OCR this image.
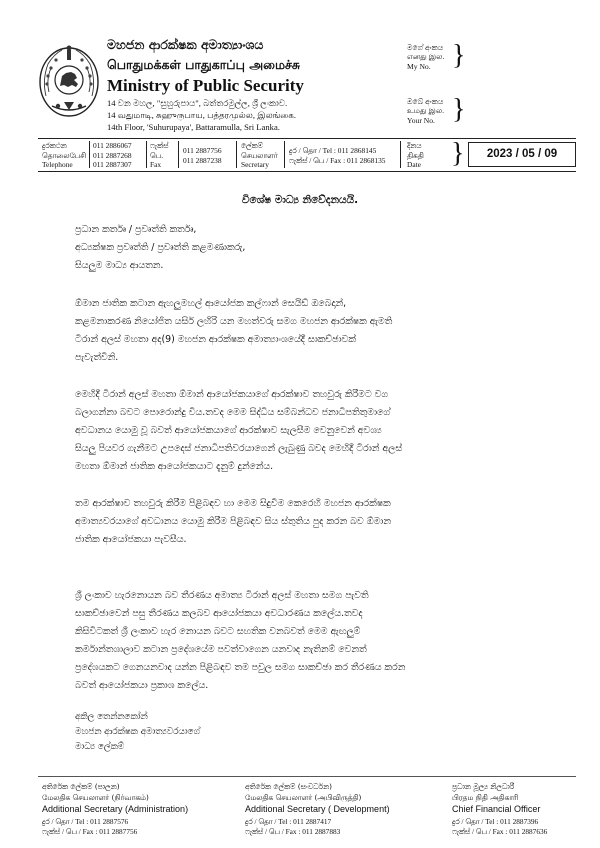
මහජන ආරක්ෂක අමාත්‍යාංශය
பொதுமக்கள் பாதுகாப்பு அமைச்சு
Ministry of Public Security
14 වන මහල, "සුහුරුපාය", බත්තරමුල්ල, ශ්‍රී ලංකාව.
14 வதுமாடி, சுஹுருபாய, பத்தரமுல்ல, இலங்கை.
14th Floor, 'Suhurupaya', Battaramulla, Sri Lanka.
මගේ අංකය
எனது இல.
My No. }
ඔබේ අංකය
உமது இல.
Your No. }
දුරකථන
தொலைபேசி
Telephone
011 2886067
011 2887268
011 2887307
ෆැක්ස්
பெ.
Fax
011 2887756
011 2887238
ලේකම්
செயலாளர்
Secretary
දුර / தொ / Tel : 011 2868145
ෆැක්ස් / பெ / Fax : 011 2868135
දිනය
திகதி
Date }	2023 / 05 / 09
විශේෂ මාධ්‍ය නිවේදනයයි.
ප්‍රධාන කර්තෘ / ප්‍රවෘත්ති කර්තෘ,
අධ්‍යක්ෂක ප්‍රවෘත්ති / ප්‍රවෘත්ති කළමණාකරු,
සියලුම මාධ්‍ය ආයතන.
ඕමාන ජාතික කටාන ඇහලුමහල් ආයෝජක කල්ෆාන් සෙයිඩ් ඔබෙදාන්,
කළමනාකරණ නියෝජිත යසිර් ලහිරි යන මහත්වරු සමග මහජන ආරක්ෂක ඇමති
ටිරාන් අලස් මහතා අද(9) මහජන ආරක්ෂක අමාත්‍යාංශයේදී සාකච්ඡාවක්
පැවැත්විනි.
මෙහිදී ටිරාන් අලස් මහතා ඕමාන් ආයෝජකයාගේ ආරක්ෂාව තහවුරු කිරීමට වග
බලාගන්නා බවට පොරොන්දු විය.තවද මෙම සිද්ධිය සම්බන්ධව ජනාධිපතිතුමාගේ
අවධානය යොමු වූ බවත් ආයෝජකයාගේ ආරක්ෂාව සැලසීම වෙනුවෙන් අවශ්‍ය
සියලු පියවර ගැනීමට උපදෙස් ජනාධිපතිවරයාගෙන් ලැබුණු බවද මෙහිදී ටිරාන් අලස්
මහතා ඕමාන් ජාතික ආයෝජකයාට දැනුම් දුන්නේය.
තම ආරක්ෂාව තහවුරු කිරීම පිළිබඳව හා මෙම සිදුවීම කෙරෙහි මහජන ආරක්ෂක
අමාත්‍යවරයාගේ අවධානය යොමු කිරීම පිළිබඳව සිය ස්තුතිය පුද කරන බව ඕමාන
ජාතික ආයෝජකයා පැවසීය.
ශ්‍රී ලංකාව හැරනොයන බව තීරණය අමාත්‍ය ටිරාන් අලස් මහතා සමග පැවති
සාකච්ඡාවෙන් පසු තීරණය කලබව ආයෝජකයා අවධාරණය කලේය.තවද
කිසිවිටකත් ශ්‍රී ලංකාව හැර නොයන බවට සහතික වනබවත් මෙම ඇඟලුම්
කර්මාන්තශාලාව කටාන ප්‍රදේශයේම පවත්වාගෙන යනවාද නැතිනම් වෙනත්
ප්‍රදේශයකට ගෙනයනවාද යන්න පිළිබඳව තම පවුල සමග සාකච්ඡා කර තීරණය කරන
බවත් ආයෝජකයා ප්‍රකාශ කලේය.
අකිල තෙන්නකෝන්
මහජන ආරක්ෂක අමාත්‍යවරයාගේ
මාධ්‍ය ලේකම්
අතිරේක ලේකම් (පාලන)
மேலதிக செயலாளர் (நிர்வாகம்)
Additional Secretary (Administration)
දුර / தொ / Tel : 011 2887576
ෆැක්ස් / பெ / Fax : 011 2887756
අතිරේක ලේකම් (සංවර්ධන)
மேலதிக செயலாளர் (அபிவிருத்தி)
Additional Secretary ( Development)
දුර / தொ / Tel : 011 2887417
ෆැක්ස් / பெ / Fax : 011 2887883
ප්‍රධාන මූල්‍ය නිලධාරී
பிரதம நிதி அதிகாரி
Chief Financial Officer
දුර / தொ / Tel : 011 2887396
ෆැක්ස් / பெ / Fax : 011 2887636
